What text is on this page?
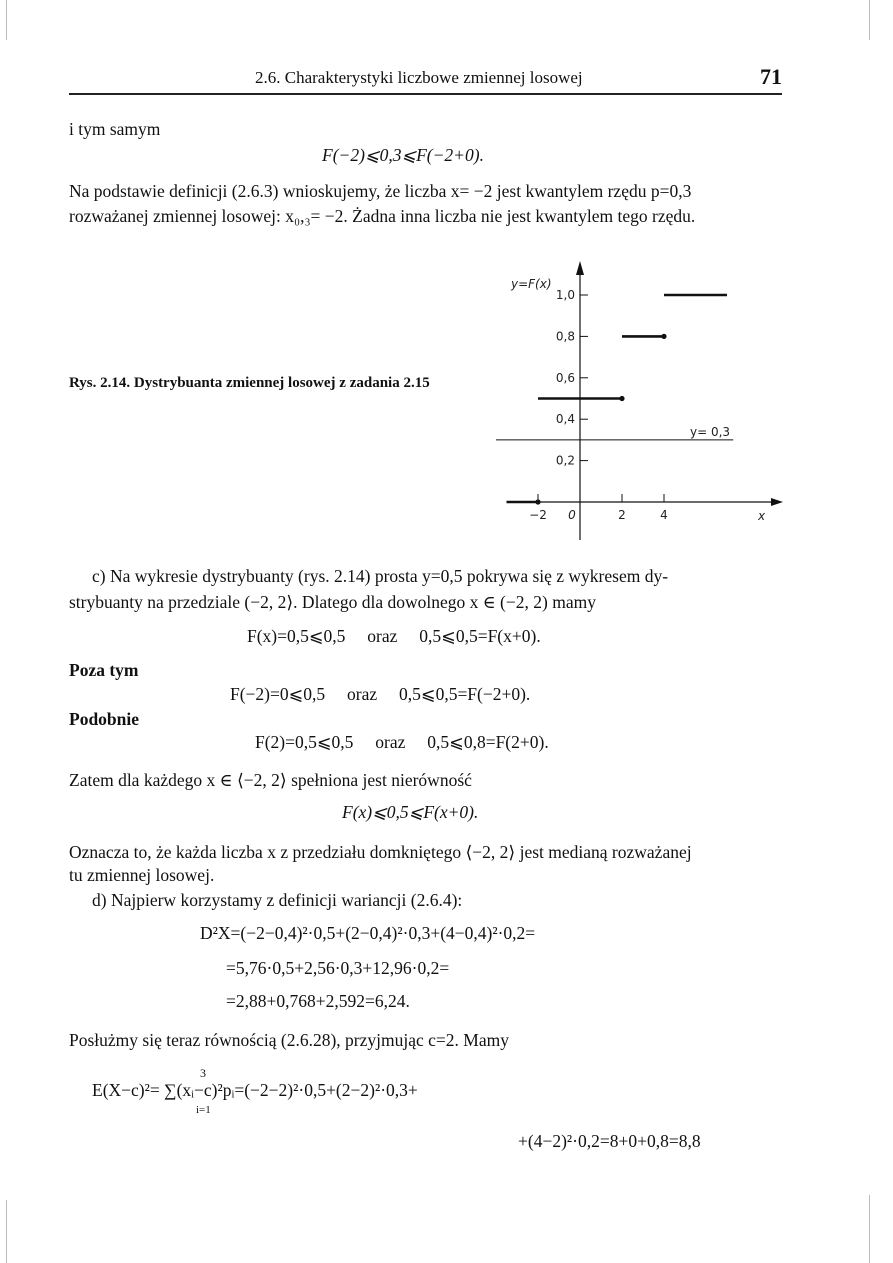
2.6. Charakterystyki liczbowe zmiennej losowej	71
i tym samym
F(−2)⩽0,3⩽F(−2+0).
Na podstawie definicji (2.6.3) wnioskujemy, że liczba x= −2 jest kwantylem rzędu p=0,3
rozważanej zmiennej losowej: x₀,₃= −2. Żadna inna liczba nie jest kwantylem tego rzędu.
Rys. 2.14. Dystrybuanta zmiennej losowej z zadania 2.15
0,2
0,4
0,6
0,8
1,0
−2 0	2	4
y=F(x)
x
y= 0,3
c) Na wykresie dystrybuanty (rys. 2.14) prosta y=0,5 pokrywa się z wykresem dy-
strybuanty na przedziale (−2, 2⟩. Dlatego dla dowolnego x ∈ (−2, 2) mamy
F(x)=0,5⩽0,5     oraz     0,5⩽0,5=F(x+0).
Poza tym
F(−2)=0⩽0,5     oraz     0,5⩽0,5=F(−2+0).
Podobnie
F(2)=0,5⩽0,5     oraz     0,5⩽0,8=F(2+0).
Zatem dla każdego x ∈ ⟨−2, 2⟩ spełniona jest nierówność
F(x)⩽0,5⩽F(x+0).
Oznacza to, że każda liczba x z przedziału domkniętego ⟨−2, 2⟩ jest medianą rozważanej
tu zmiennej losowej.
d) Najpierw korzystamy z definicji wariancji (2.6.4):
D²X=(−2−0,4)²·0,5+(2−0,4)²·0,3+(4−0,4)²·0,2=
=5,76·0,5+2,56·0,3+12,96·0,2=
=2,88+0,768+2,592=6,24.
Posłużmy się teraz równością (2.6.28), przyjmując c=2. Mamy
3
E(X−c)²= ∑(xᵢ−c)²pᵢ=(−2−2)²·0,5+(2−2)²·0,3+
i=1
+(4−2)²·0,2=8+0+0,8=8,8
